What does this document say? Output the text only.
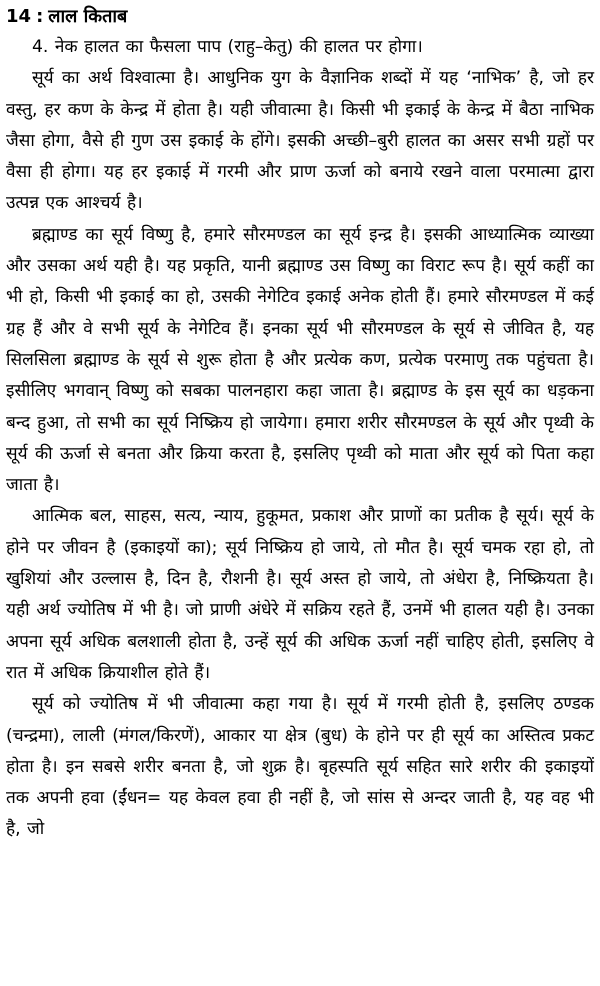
14 : लाल किताब

4. नेक हालत का फैसला पाप (राहु–केतु) की हालत पर होगा।

सूर्य का अर्थ विश्वात्मा है। आधुनिक युग के वैज्ञानिक शब्दों में यह ‘नाभिक’ है, जो हर वस्तु, हर कण के केन्द्र में होता है। यही जीवात्मा है। किसी भी इकाई के केन्द्र में बैठा नाभिक जैसा होगा, वैसे ही गुण उस इकाई के होंगे। इसकी अच्छी–बुरी हालत का असर सभी ग्रहों पर वैसा ही होगा। यह हर इकाई में गरमी और प्राण ऊर्जा को बनाये रखने वाला परमात्मा द्वारा उत्पन्न एक आश्चर्य है।

ब्रह्माण्ड का सूर्य विष्णु है, हमारे सौरमण्डल का सूर्य इन्द्र है। इसकी आध्यात्मिक व्याख्या और उसका अर्थ यही है। यह प्रकृति, यानी ब्रह्माण्ड उस विष्णु का विराट रूप है। सूर्य कहीं का भी हो, किसी भी इकाई का हो, उसकी नेगेटिव इकाई अनेक होती हैं। हमारे सौरमण्डल में कई ग्रह हैं और वे सभी सूर्य के नेगेटिव हैं। इनका सूर्य भी सौरमण्डल के सूर्य से जीवित है, यह सिलसिला ब्रह्माण्ड के सूर्य से शुरू होता है और प्रत्येक कण, प्रत्येक परमाणु तक पहुंचता है। इसीलिए भगवान् विष्णु को सबका पालनहारा कहा जाता है। ब्रह्माण्ड के इस सूर्य का धड़कना बन्द हुआ, तो सभी का सूर्य निष्क्रिय हो जायेगा। हमारा शरीर सौरमण्डल के सूर्य और पृथ्वी के सूर्य की ऊर्जा से बनता और क्रिया करता है, इसलिए पृथ्वी को माता और सूर्य को पिता कहा जाता है।

आत्मिक बल, साहस, सत्य, न्याय, हुकूमत, प्रकाश और प्राणों का प्रतीक है सूर्य। सूर्य के होने पर जीवन है (इकाइयों का); सूर्य निष्क्रिय हो जाये, तो मौत है। सूर्य चमक रहा हो, तो खुशियां और उल्लास है, दिन है, रौशनी है। सूर्य अस्त हो जाये, तो अंधेरा है, निष्क्रियता है। यही अर्थ ज्योतिष में भी है। जो प्राणी अंधेरे में सक्रिय रहते हैं, उनमें भी हालत यही है। उनका अपना सूर्य अधिक बलशाली होता है, उन्हें सूर्य की अधिक ऊर्जा नहीं चाहिए होती, इसलिए वे रात में अधिक क्रियाशील होते हैं।

सूर्य को ज्योतिष में भी जीवात्मा कहा गया है। सूर्य में गरमी होती है, इसलिए ठण्डक (चन्द्रमा), लाली (मंगल/किरणें), आकार या क्षेत्र (बुध) के होने पर ही सूर्य का अस्तित्व प्रकट होता है। इन सबसे शरीर बनता है, जो शुक्र है। बृहस्पति सूर्य सहित सारे शरीर की इकाइयों तक अपनी हवा (ईंधन= यह केवल हवा ही नहीं है, जो सांस से अन्दर जाती है, यह वह भी है, जो
